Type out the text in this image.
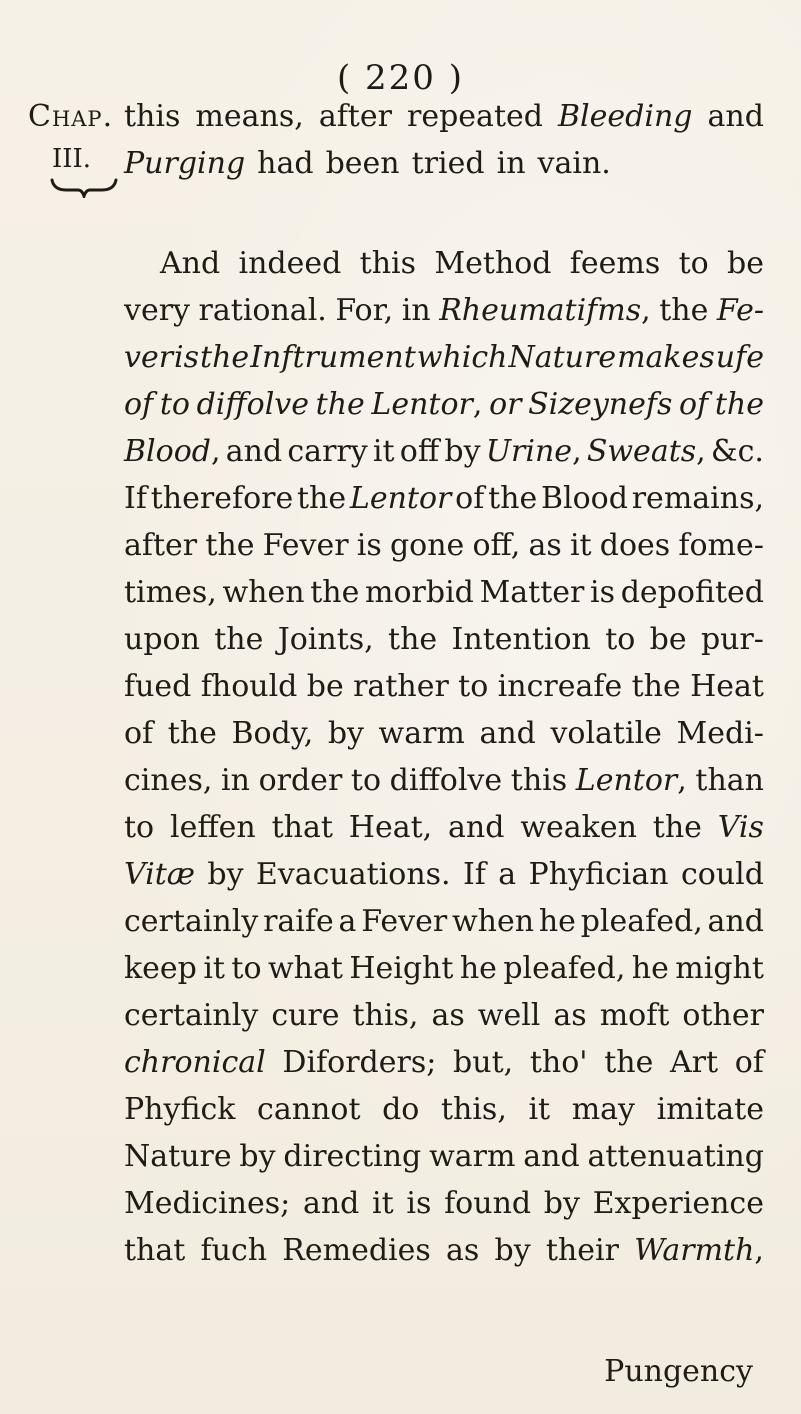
( 220 )
Chap.
III.
this means, after repeated Bleeding and
Purging had been tried in vain.
And indeed this Method feems to be
very rational. For, in Rheumatifms, the Fe-
ver is the Inftrument which Nature makes ufe
of to diffolve the Lentor, or Sizeynefs of the
Blood, and carry it off by Urine, Sweats, &c.
If therefore the Lentor of the Blood remains,
after the Fever is gone off, as it does fome-
times, when the morbid Matter is depofited
upon the Joints, the Intention to be pur-
fued fhould be rather to increafe the Heat
of the Body, by warm and volatile Medi-
cines, in order to diffolve this Lentor, than
to leffen that Heat, and weaken the Vis
Vitæ by Evacuations. If a Phyfician could
certainly raife a Fever when he pleafed, and
keep it to what Height he pleafed, he might
certainly cure this, as well as moft other
chronical Diforders; but, tho' the Art of
Phyfick cannot do this, it may imitate
Nature by directing warm and attenuating
Medicines; and it is found by Experience
that fuch Remedies as by their Warmth,
Pungency
